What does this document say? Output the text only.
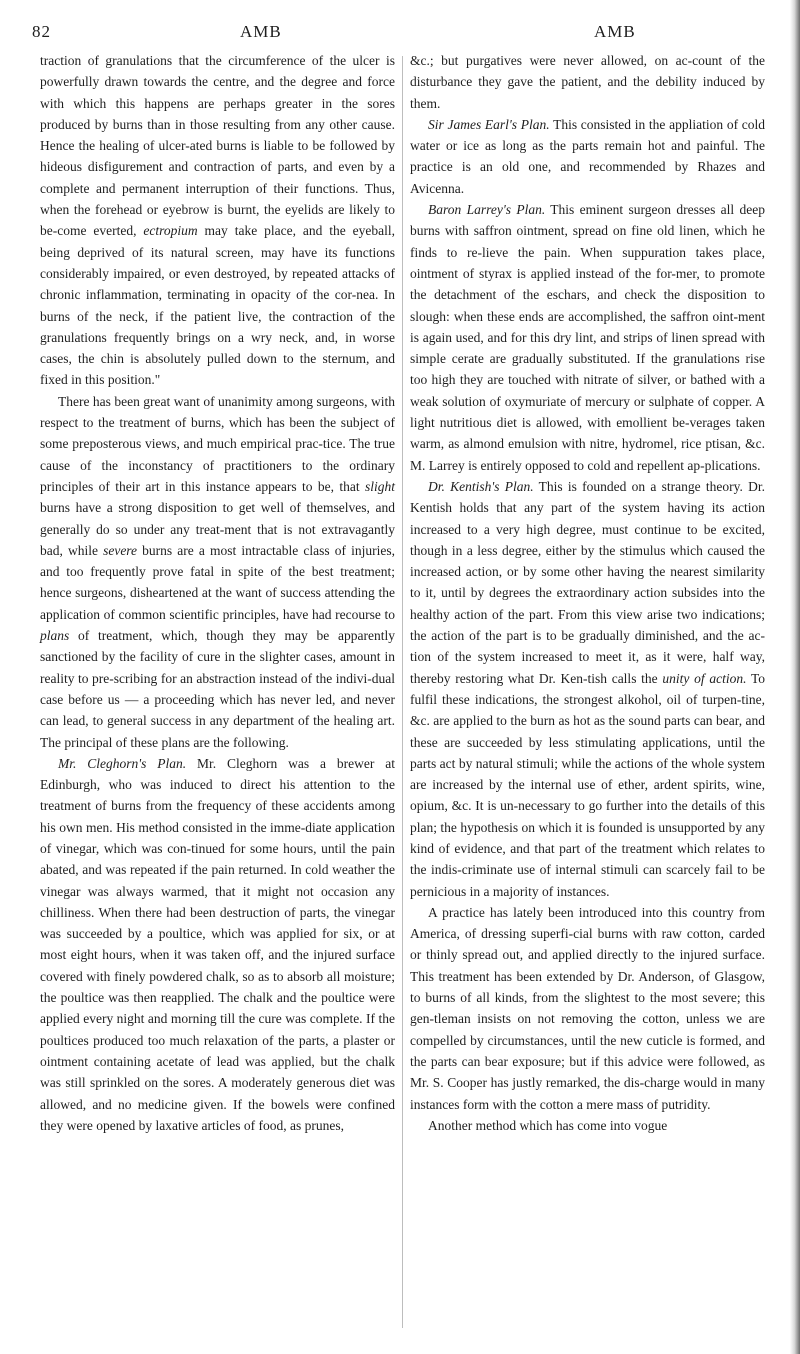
82	AMB	AMB

traction of granulations that the circumference of the ulcer is powerfully drawn towards the centre, and the degree and force with which this happens are perhaps greater in the sores produced by burns than in those resulting from any other cause. Hence the healing of ulcer-ated burns is liable to be followed by hideous disfigurement and contraction of parts, and even by a complete and permanent interruption of their functions. Thus, when the forehead or eyebrow is burnt, the eyelids are likely to be-come everted, ectropium may take place, and the eyeball, being deprived of its natural screen, may have its functions considerably impaired, or even destroyed, by repeated attacks of chronic inflammation, terminating in opacity of the cor-nea. In burns of the neck, if the patient live, the contraction of the granulations frequently brings on a wry neck, and, in worse cases, the chin is absolutely pulled down to the sternum, and fixed in this position."

There has been great want of unanimity among surgeons, with respect to the treatment of burns, which has been the subject of some preposterous views, and much empirical prac-tice. The true cause of the inconstancy of practitioners to the ordinary principles of their art in this instance appears to be, that slight burns have a strong disposition to get well of themselves, and generally do so under any treat-ment that is not extravagantly bad, while severe burns are a most intractable class of injuries, and too frequently prove fatal in spite of the best treatment; hence surgeons, disheartened at the want of success attending the application of common scientific principles, have had recourse to plans of treatment, which, though they may be apparently sanctioned by the facility of cure in the slighter cases, amount in reality to pre-scribing for an abstraction instead of the indivi-dual case before us — a proceeding which has never led, and never can lead, to general success in any department of the healing art. The principal of these plans are the following.

Mr. Cleghorn's Plan. Mr. Cleghorn was a brewer at Edinburgh, who was induced to direct his attention to the treatment of burns from the frequency of these accidents among his own men. His method consisted in the imme-diate application of vinegar, which was con-tinued for some hours, until the pain abated, and was repeated if the pain returned. In cold weather the vinegar was always warmed, that it might not occasion any chilliness. When there had been destruction of parts, the vinegar was succeeded by a poultice, which was applied for six, or at most eight hours, when it was taken off, and the injured surface covered with finely powdered chalk, so as to absorb all moisture; the poultice was then reapplied. The chalk and the poultice were applied every night and morning till the cure was complete. If the poultices produced too much relaxation of the parts, a plaster or ointment containing acetate of lead was applied, but the chalk was still sprinkled on the sores. A moderately generous diet was allowed, and no medicine given. If the bowels were confined they were opened by laxative articles of food, as prunes,

&c.; but purgatives were never allowed, on ac-count of the disturbance they gave the patient, and the debility induced by them.

Sir James Earl's Plan. This consisted in the appliation of cold water or ice as long as the parts remain hot and painful. The practice is an old one, and recommended by Rhazes and Avicenna.

Baron Larrey's Plan. This eminent surgeon dresses all deep burns with saffron ointment, spread on fine old linen, which he finds to re-lieve the pain. When suppuration takes place, ointment of styrax is applied instead of the for-mer, to promote the detachment of the eschars, and check the disposition to slough: when these ends are accomplished, the saffron oint-ment is again used, and for this dry lint, and strips of linen spread with simple cerate are gradually substituted. If the granulations rise too high they are touched with nitrate of silver, or bathed with a weak solution of oxymuriate of mercury or sulphate of copper. A light nutritious diet is allowed, with emollient be-verages taken warm, as almond emulsion with nitre, hydromel, rice ptisan, &c. M. Larrey is entirely opposed to cold and repellent ap-plications.

Dr. Kentish's Plan. This is founded on a strange theory. Dr. Kentish holds that any part of the system having its action increased to a very high degree, must continue to be excited, though in a less degree, either by the stimulus which caused the increased action, or by some other having the nearest similarity to it, until by degrees the extraordinary action subsides into the healthy action of the part. From this view arise two indications; the action of the part is to be gradually diminished, and the ac-tion of the system increased to meet it, as it were, half way, thereby restoring what Dr. Ken-tish calls the unity of action. To fulfil these indications, the strongest alkohol, oil of turpen-tine, &c. are applied to the burn as hot as the sound parts can bear, and these are succeeded by less stimulating applications, until the parts act by natural stimuli; while the actions of the whole system are increased by the internal use of ether, ardent spirits, wine, opium, &c. It is un-necessary to go further into the details of this plan; the hypothesis on which it is founded is unsupported by any kind of evidence, and that part of the treatment which relates to the indis-criminate use of internal stimuli can scarcely fail to be pernicious in a majority of instances.

A practice has lately been introduced into this country from America, of dressing superfi-cial burns with raw cotton, carded or thinly spread out, and applied directly to the injured surface. This treatment has been extended by Dr. Anderson, of Glasgow, to burns of all kinds, from the slightest to the most severe; this gen-tleman insists on not removing the cotton, unless we are compelled by circumstances, until the new cuticle is formed, and the parts can bear exposure; but if this advice were followed, as Mr. S. Cooper has justly remarked, the dis-charge would in many instances form with the cotton a mere mass of putridity.

Another method which has come into vogue
